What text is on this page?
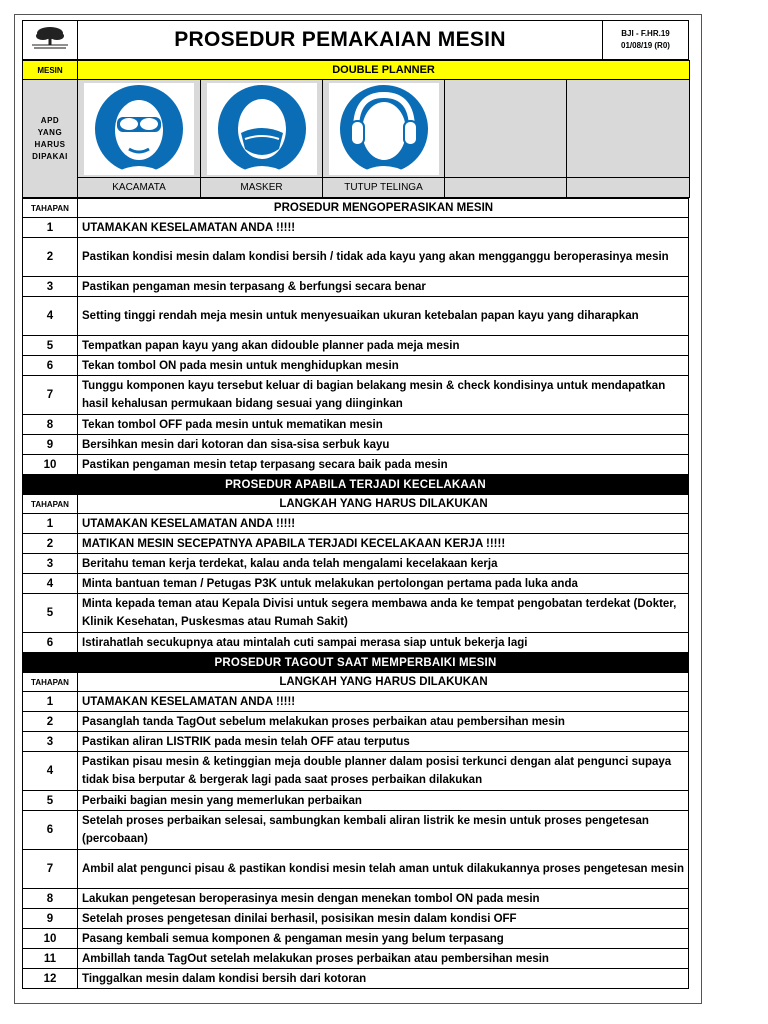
	PROSEDUR PEMAKAIAN MESIN	BJI - F.HR.19
01/08/19 (R0)
MESIN	DOUBLE PLANNER				

APD
YANG
HARUS
DIPAKAI

	KACAMATA	MASKER	TUTUP TELINGA		
TAHAPAN	PROSEDUR MENGOPERASIKAN MESIN
1	UTAMAKAN KESELAMATAN ANDA !!!!!
2	Pastikan kondisi mesin dalam kondisi bersih / tidak ada kayu yang akan mengganggu beroperasinya mesin
3	Pastikan pengaman mesin terpasang & berfungsi secara benar
4	Setting tinggi rendah meja mesin untuk menyesuaikan ukuran ketebalan papan kayu yang diharapkan
5	Tempatkan papan kayu yang akan didouble planner pada meja mesin
6	Tekan tombol ON pada mesin untuk menghidupkan mesin
7	Tunggu komponen kayu tersebut keluar di bagian belakang mesin & check kondisinya untuk mendapatkan hasil kehalusan permukaan bidang sesuai yang diinginkan
8	Tekan tombol OFF pada mesin untuk mematikan mesin
9	Bersihkan mesin dari kotoran dan sisa-sisa serbuk kayu
10	Pastikan pengaman mesin tetap terpasang secara baik pada mesin
PROSEDUR APABILA TERJADI KECELAKAAN	
TAHAPAN	LANGKAH YANG HARUS DILAKUKAN
1	UTAMAKAN KESELAMATAN ANDA !!!!!
2	MATIKAN MESIN SECEPATNYA APABILA TERJADI KECELAKAAN KERJA !!!!!
3	Beritahu teman kerja terdekat, kalau anda telah mengalami kecelakaan kerja
4	Minta bantuan teman / Petugas P3K untuk melakukan pertolongan pertama pada luka anda
5	Minta kepada teman atau Kepala Divisi untuk segera membawa anda ke tempat pengobatan terdekat (Dokter, Klinik Kesehatan, Puskesmas atau Rumah Sakit)
6	Istirahatlah secukupnya atau mintalah cuti sampai merasa siap untuk bekerja lagi
PROSEDUR TAGOUT SAAT MEMPERBAIKI MESIN	
TAHAPAN	LANGKAH YANG HARUS DILAKUKAN
1	UTAMAKAN KESELAMATAN ANDA !!!!!
2	Pasanglah tanda TagOut sebelum melakukan proses perbaikan atau pembersihan mesin
3	Pastikan aliran LISTRIK pada mesin telah OFF atau terputus
4	Pastikan pisau mesin & ketinggian meja double planner dalam posisi terkunci dengan alat pengunci supaya tidak bisa berputar & bergerak lagi pada saat proses perbaikan dilakukan
5	Perbaiki bagian mesin yang memerlukan perbaikan
6	Setelah proses perbaikan selesai, sambungkan kembali aliran listrik ke mesin untuk proses pengetesan (percobaan)
7	Ambil alat pengunci pisau & pastikan kondisi mesin telah aman untuk dilakukannya proses pengetesan mesin
8	Lakukan pengetesan beroperasinya mesin dengan menekan tombol ON pada mesin
9	Setelah proses pengetesan dinilai berhasil, posisikan mesin dalam kondisi OFF
10	Pasang kembali semua komponen & pengaman mesin yang belum terpasang
11	Ambillah tanda TagOut setelah melakukan proses perbaikan atau pembersihan mesin
12	Tinggalkan mesin dalam kondisi bersih dari kotoran
